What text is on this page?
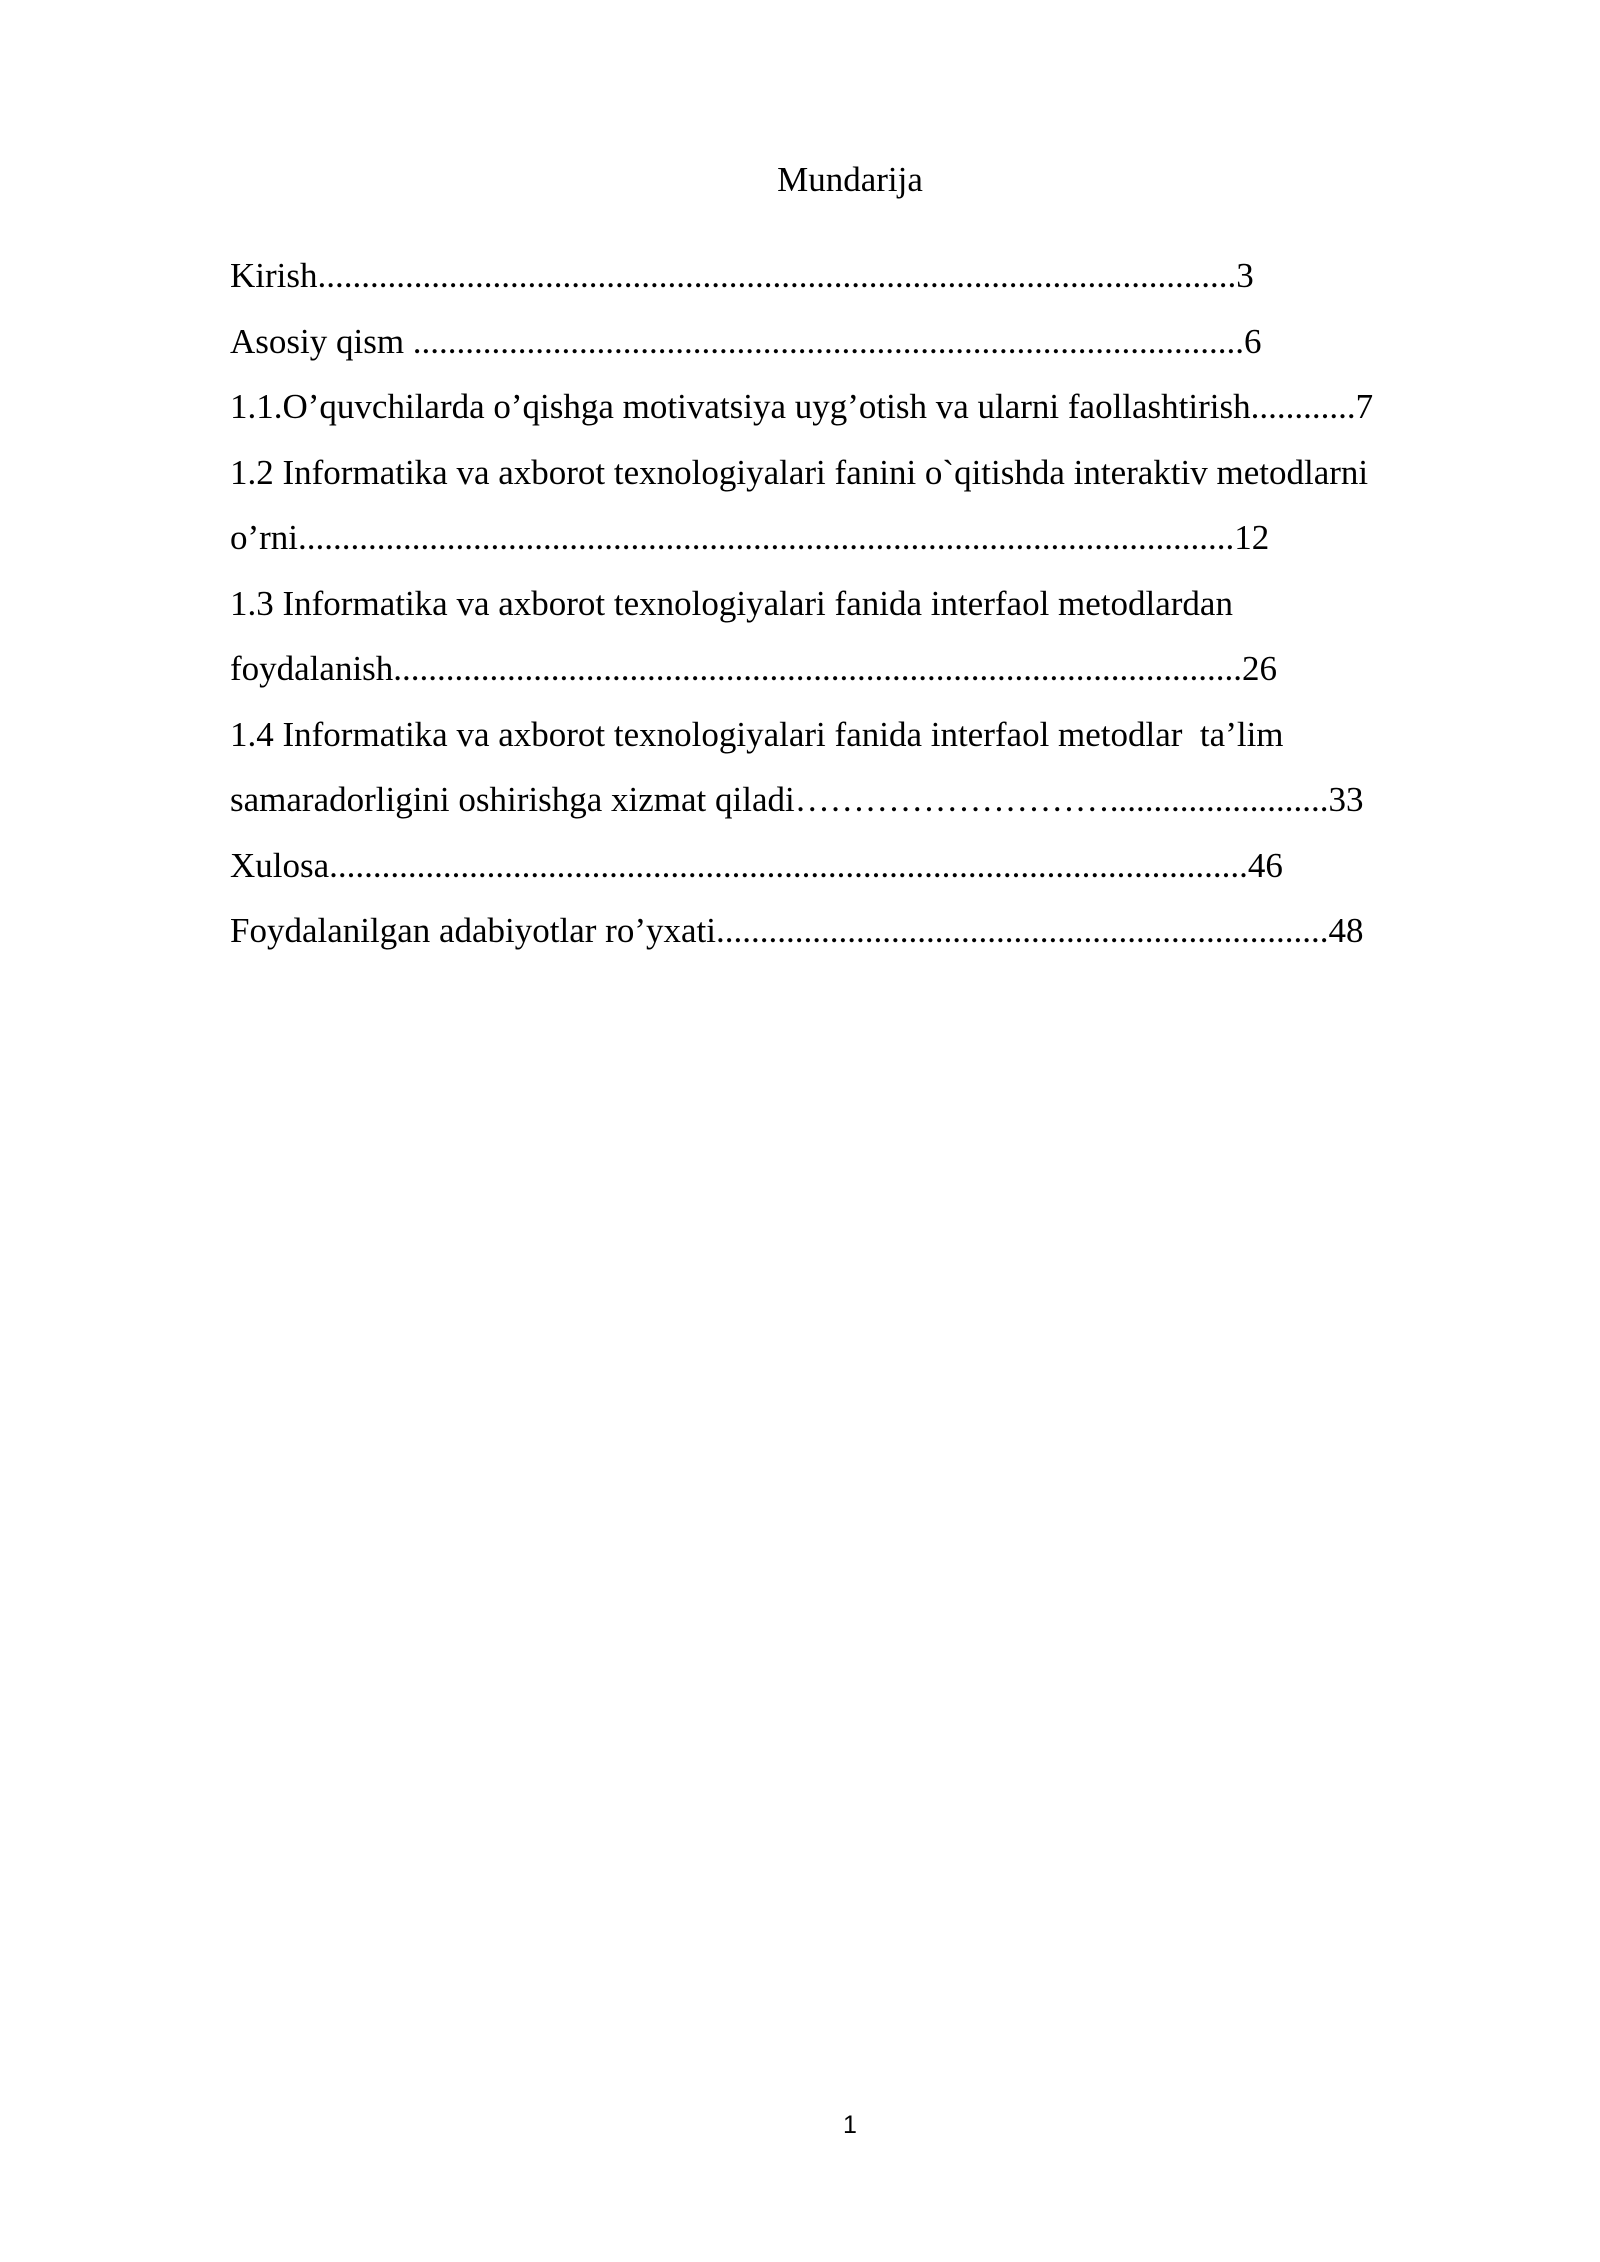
Mundarija
Kirish.........................................................................................................3
Asosiy qism ...............................................................................................6
1.1.O’quvchilarda o’qishga motivatsiya uyg’otish va ularni faollashtirish............7
1.2 Informatika va axborot texnologiyalari fanini o`qitishda interaktiv metodlarni
o’rni...........................................................................................................12
1.3 Informatika va axborot texnologiyalari fanida interfaol metodlardan
foydalanish.................................................................................................26
1.4 Informatika va axborot texnologiyalari fanida interfaol metodlar  ta’lim
samaradorligini oshirishga xizmat qiladi……………………….........................33
Xulosa.........................................................................................................46
Foydalanilgan adabiyotlar ro’yxati......................................................................48
1
